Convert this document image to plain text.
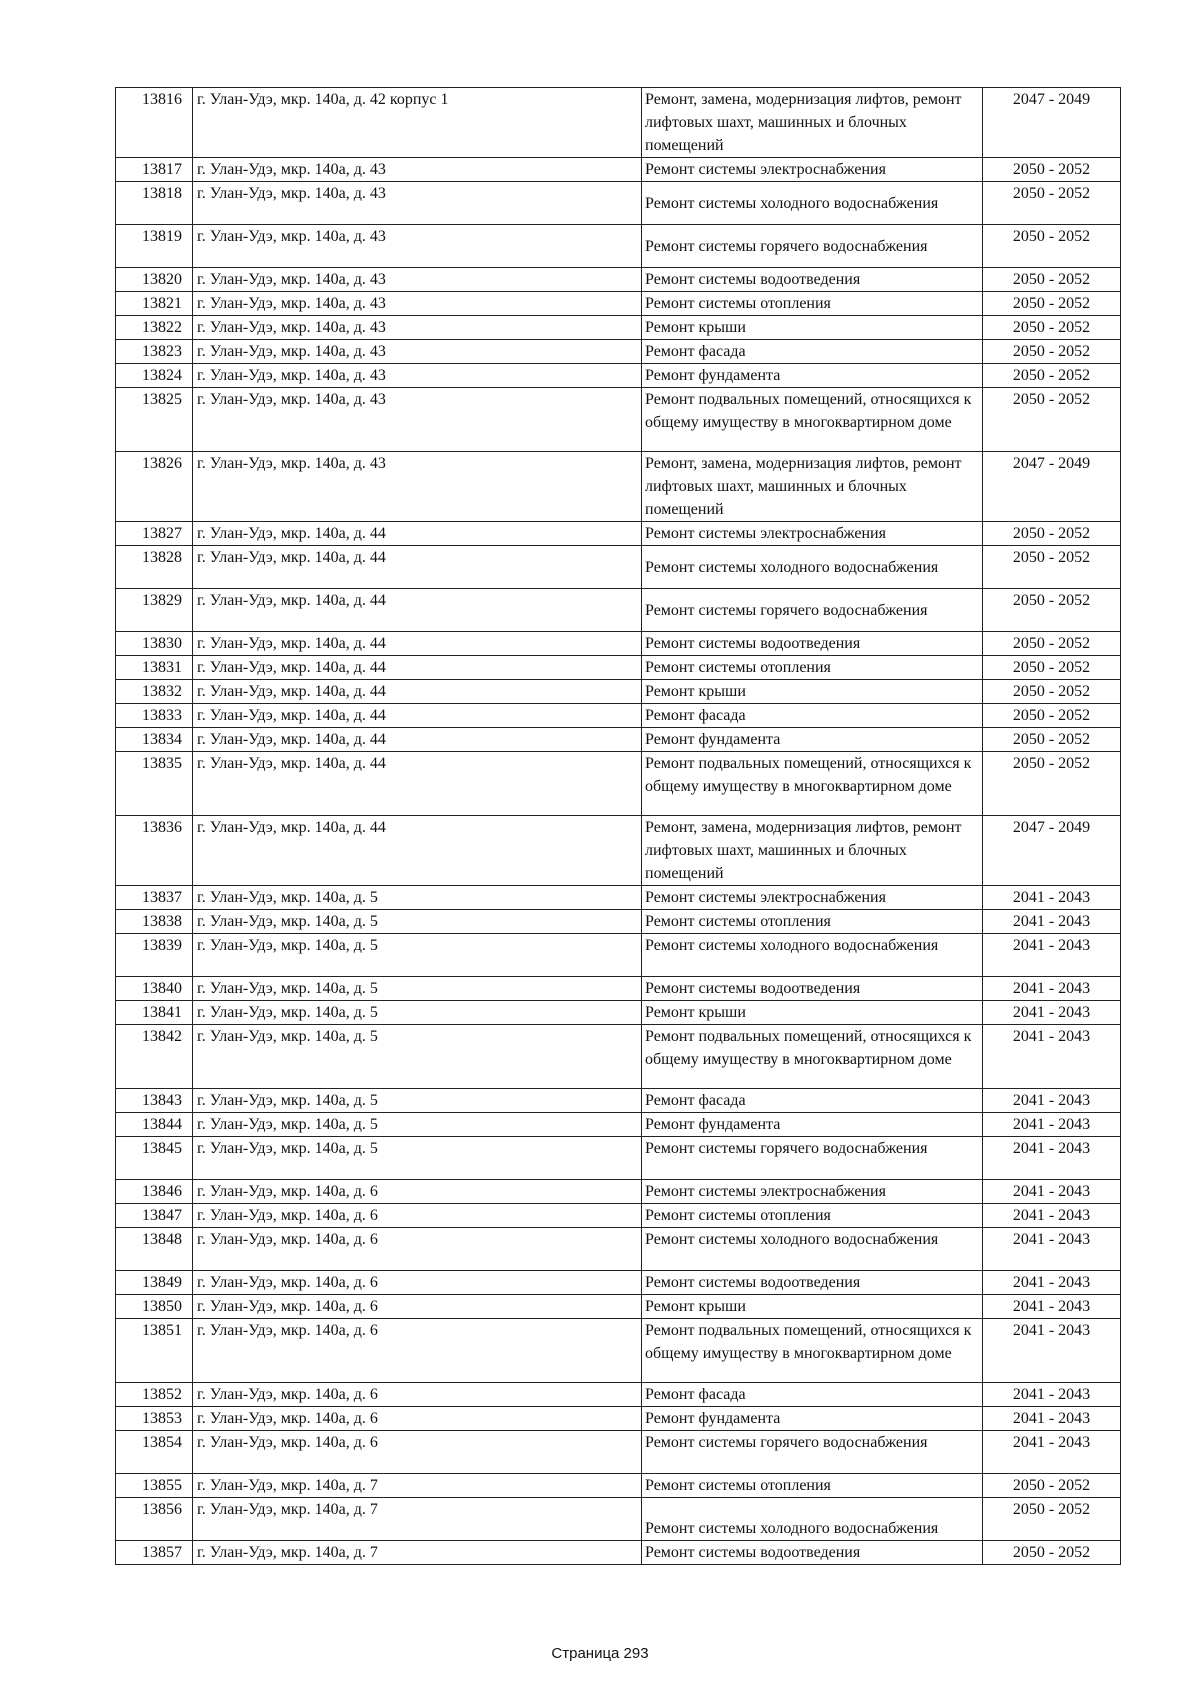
13816	г. Улан-Удэ, мкр. 140а, д. 42 корпус 1	Ремонт, замена, модернизация лифтов, ремонт лифтовых шахт, машинных и блочных помещений	2047 - 2049
13817	г. Улан-Удэ, мкр. 140а, д. 43	Ремонт системы электроснабжения	2050 - 2052
13818	г. Улан-Удэ, мкр. 140а, д. 43	Ремонт системы холодного водоснабжения	2050 - 2052
13819	г. Улан-Удэ, мкр. 140а, д. 43	Ремонт системы горячего водоснабжения	2050 - 2052
13820	г. Улан-Удэ, мкр. 140а, д. 43	Ремонт системы водоотведения	2050 - 2052
13821	г. Улан-Удэ, мкр. 140а, д. 43	Ремонт системы отопления	2050 - 2052
13822	г. Улан-Удэ, мкр. 140а, д. 43	Ремонт крыши	2050 - 2052
13823	г. Улан-Удэ, мкр. 140а, д. 43	Ремонт фасада	2050 - 2052
13824	г. Улан-Удэ, мкр. 140а, д. 43	Ремонт фундамента	2050 - 2052
13825	г. Улан-Удэ, мкр. 140а, д. 43	Ремонт подвальных помещений, относящихся к общему имуществу в многоквартирном доме	2050 - 2052
13826	г. Улан-Удэ, мкр. 140а, д. 43	Ремонт, замена, модернизация лифтов, ремонт лифтовых шахт, машинных и блочных помещений	2047 - 2049
13827	г. Улан-Удэ, мкр. 140а, д. 44	Ремонт системы электроснабжения	2050 - 2052
13828	г. Улан-Удэ, мкр. 140а, д. 44	Ремонт системы холодного водоснабжения	2050 - 2052
13829	г. Улан-Удэ, мкр. 140а, д. 44	Ремонт системы горячего водоснабжения	2050 - 2052
13830	г. Улан-Удэ, мкр. 140а, д. 44	Ремонт системы водоотведения	2050 - 2052
13831	г. Улан-Удэ, мкр. 140а, д. 44	Ремонт системы отопления	2050 - 2052
13832	г. Улан-Удэ, мкр. 140а, д. 44	Ремонт крыши	2050 - 2052
13833	г. Улан-Удэ, мкр. 140а, д. 44	Ремонт фасада	2050 - 2052
13834	г. Улан-Удэ, мкр. 140а, д. 44	Ремонт фундамента	2050 - 2052
13835	г. Улан-Удэ, мкр. 140а, д. 44	Ремонт подвальных помещений, относящихся к общему имуществу в многоквартирном доме	2050 - 2052
13836	г. Улан-Удэ, мкр. 140а, д. 44	Ремонт, замена, модернизация лифтов, ремонт лифтовых шахт, машинных и блочных помещений	2047 - 2049
13837	г. Улан-Удэ, мкр. 140а, д. 5	Ремонт системы электроснабжения	2041 - 2043
13838	г. Улан-Удэ, мкр. 140а, д. 5	Ремонт системы отопления	2041 - 2043
13839	г. Улан-Удэ, мкр. 140а, д. 5	Ремонт системы холодного водоснабжения	2041 - 2043
13840	г. Улан-Удэ, мкр. 140а, д. 5	Ремонт системы водоотведения	2041 - 2043
13841	г. Улан-Удэ, мкр. 140а, д. 5	Ремонт крыши	2041 - 2043
13842	г. Улан-Удэ, мкр. 140а, д. 5	Ремонт подвальных помещений, относящихся к общему имуществу в многоквартирном доме	2041 - 2043
13843	г. Улан-Удэ, мкр. 140а, д. 5	Ремонт фасада	2041 - 2043
13844	г. Улан-Удэ, мкр. 140а, д. 5	Ремонт фундамента	2041 - 2043
13845	г. Улан-Удэ, мкр. 140а, д. 5	Ремонт системы горячего водоснабжения	2041 - 2043
13846	г. Улан-Удэ, мкр. 140а, д. 6	Ремонт системы электроснабжения	2041 - 2043
13847	г. Улан-Удэ, мкр. 140а, д. 6	Ремонт системы отопления	2041 - 2043
13848	г. Улан-Удэ, мкр. 140а, д. 6	Ремонт системы холодного водоснабжения	2041 - 2043
13849	г. Улан-Удэ, мкр. 140а, д. 6	Ремонт системы водоотведения	2041 - 2043
13850	г. Улан-Удэ, мкр. 140а, д. 6	Ремонт крыши	2041 - 2043
13851	г. Улан-Удэ, мкр. 140а, д. 6	Ремонт подвальных помещений, относящихся к общему имуществу в многоквартирном доме	2041 - 2043
13852	г. Улан-Удэ, мкр. 140а, д. 6	Ремонт фасада	2041 - 2043
13853	г. Улан-Удэ, мкр. 140а, д. 6	Ремонт фундамента	2041 - 2043
13854	г. Улан-Удэ, мкр. 140а, д. 6	Ремонт системы горячего водоснабжения	2041 - 2043
13855	г. Улан-Удэ, мкр. 140а, д. 7	Ремонт системы отопления	2050 - 2052
13856	г. Улан-Удэ, мкр. 140а, д. 7	Ремонт системы холодного водоснабжения	2050 - 2052
13857	г. Улан-Удэ, мкр. 140а, д. 7	Ремонт системы водоотведения	2050 - 2052
Страница 293
